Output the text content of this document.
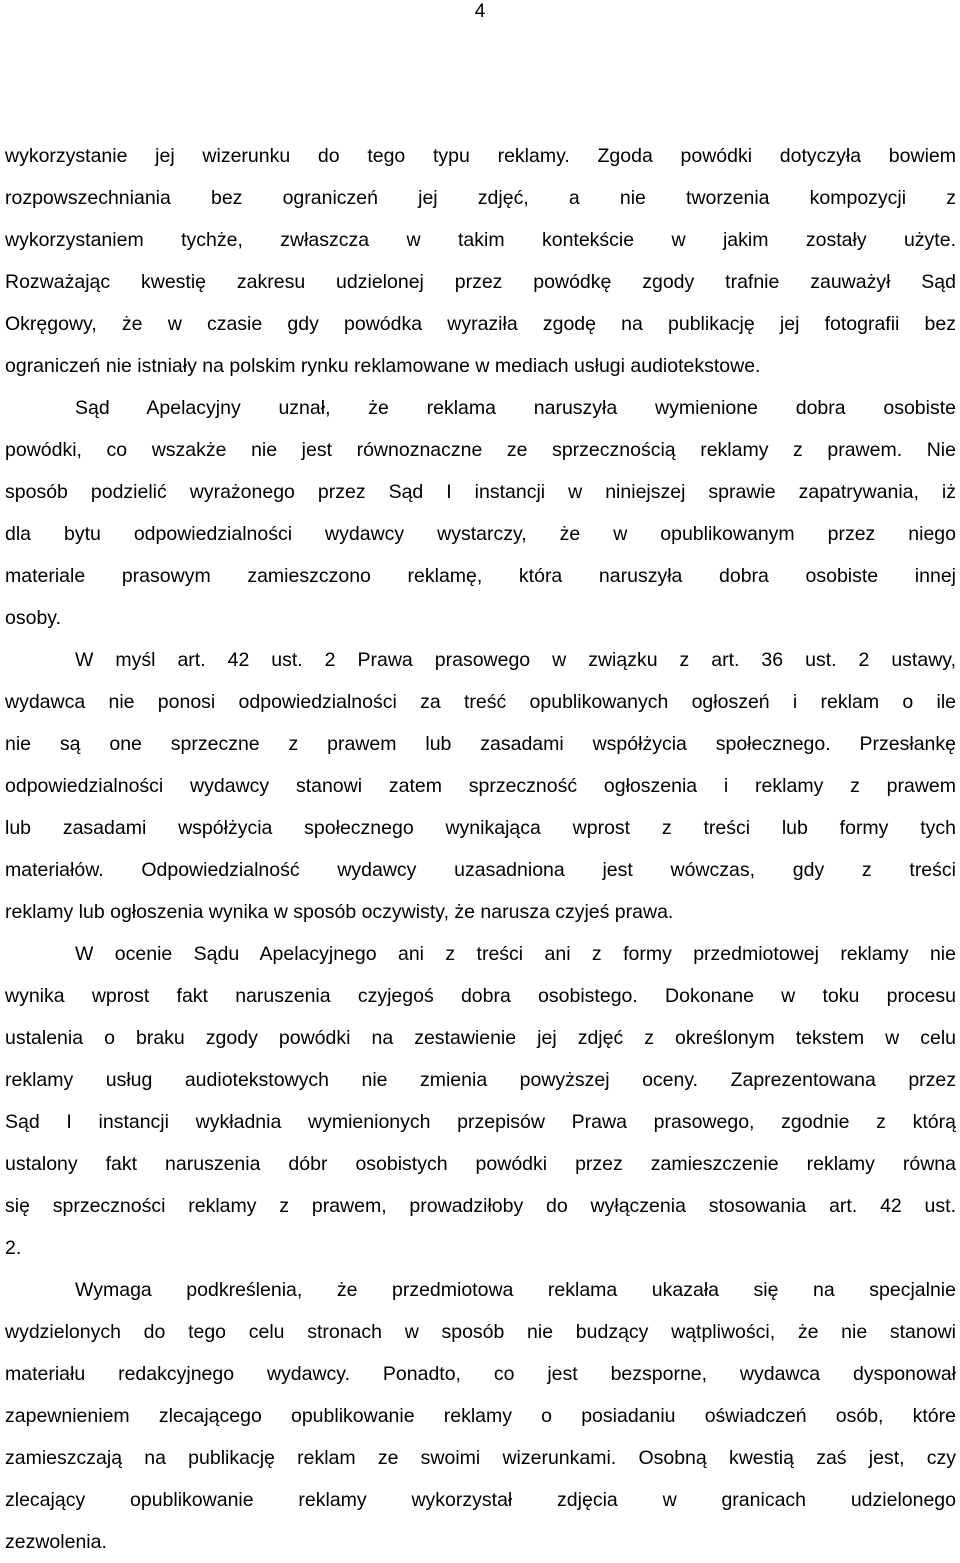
4
wykorzystanie jej wizerunku do tego typu reklamy. Zgoda powódki dotyczyła bowiem
rozpowszechniania bez ograniczeń jej zdjęć, a nie tworzenia kompozycji z
wykorzystaniem tychże, zwłaszcza w takim kontekście w jakim zostały użyte.
Rozważając kwestię zakresu udzielonej przez powódkę zgody trafnie zauważył Sąd
Okręgowy, że w czasie gdy powódka wyraziła zgodę na publikację jej fotografii bez
ograniczeń nie istniały na polskim rynku reklamowane w mediach usługi audiotekstowe.
Sąd Apelacyjny uznał, że reklama naruszyła wymienione dobra osobiste
powódki, co wszakże nie jest równoznaczne ze sprzecznością reklamy z prawem. Nie
sposób podzielić wyrażonego przez Sąd I instancji w niniejszej sprawie zapatrywania, iż
dla bytu odpowiedzialności wydawcy wystarczy, że w opublikowanym przez niego
materiale prasowym zamieszczono reklamę, która naruszyła dobra osobiste innej
osoby.
W myśl art. 42 ust. 2 Prawa prasowego w związku z art. 36 ust. 2 ustawy,
wydawca nie ponosi odpowiedzialności za treść opublikowanych ogłoszeń i reklam o ile
nie są one sprzeczne z prawem lub zasadami współżycia społecznego. Przesłankę
odpowiedzialności wydawcy stanowi zatem sprzeczność ogłoszenia i reklamy z prawem
lub zasadami współżycia społecznego wynikająca wprost z treści lub formy tych
materiałów. Odpowiedzialność wydawcy uzasadniona jest wówczas, gdy z treści
reklamy lub ogłoszenia wynika w sposób oczywisty, że narusza czyjeś prawa.
W ocenie Sądu Apelacyjnego ani z treści ani z formy przedmiotowej reklamy nie
wynika wprost fakt naruszenia czyjegoś dobra osobistego. Dokonane w toku procesu
ustalenia o braku zgody powódki na zestawienie jej zdjęć z określonym tekstem w celu
reklamy usług audiotekstowych nie zmienia powyższej oceny. Zaprezentowana przez
Sąd I instancji wykładnia wymienionych przepisów Prawa prasowego, zgodnie z którą
ustalony fakt naruszenia dóbr osobistych powódki przez zamieszczenie reklamy równa
się sprzeczności reklamy z prawem, prowadziłoby do wyłączenia stosowania art. 42 ust.
2.
Wymaga podkreślenia, że przedmiotowa reklama ukazała się na specjalnie
wydzielonych do tego celu stronach w sposób nie budzący wątpliwości, że nie stanowi
materiału redakcyjnego wydawcy. Ponadto, co jest bezsporne, wydawca dysponował
zapewnieniem zlecającego opublikowanie reklamy o posiadaniu oświadczeń osób, które
zamieszczają na publikację reklam ze swoimi wizerunkami. Osobną kwestią zaś jest, czy
zlecający opublikowanie reklamy wykorzystał zdjęcia w granicach udzielonego
zezwolenia.
